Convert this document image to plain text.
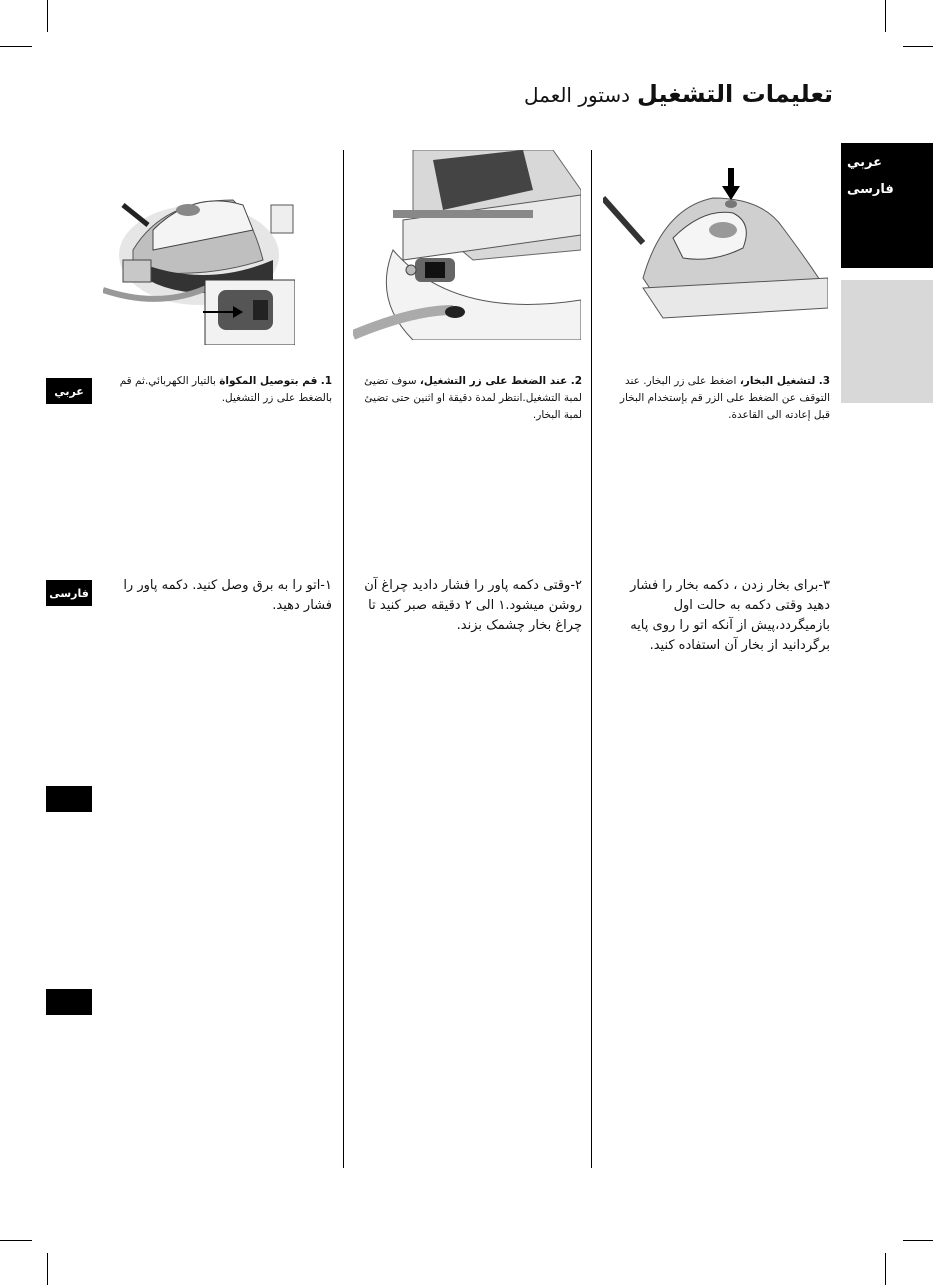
تعليمات التشغيل دستور العمل
عربي
فارسی
عربي
فارسی
1. قم بتوصيل المكواة بالتيار الكهربائي.ثم قم بالضغط على زر التشغيل.
2. عند الضغط على زر التشغيل، سوف تضيئ لمبة التشغيل.انتظر لمدة دقيقة او اثنين حتى تضيئ لمبة البخار.
3. لتشغيل البخار، اضغط على زر البخار. عند التوقف عن الضغط على الزر قم بإستخدام البخار قبل إعادته الى القاعدة.
۱-اتو را به برق وصل کنید. دکمه پاور را فشار دهید.
۲-وقتی دکمه پاور را فشار دادید چراغ آن روشن میشود.۱ الی ۲ دقیقه صبر کنید تا چراغ بخار چشمک بزند.
۳-برای بخار زدن ، دکمه بخار را فشار دهید وقتی دکمه به حالت اول بازمیگردد،پیش از آنکه اتو را روی پایه برگردانید از بخار آن استفاده کنید.
